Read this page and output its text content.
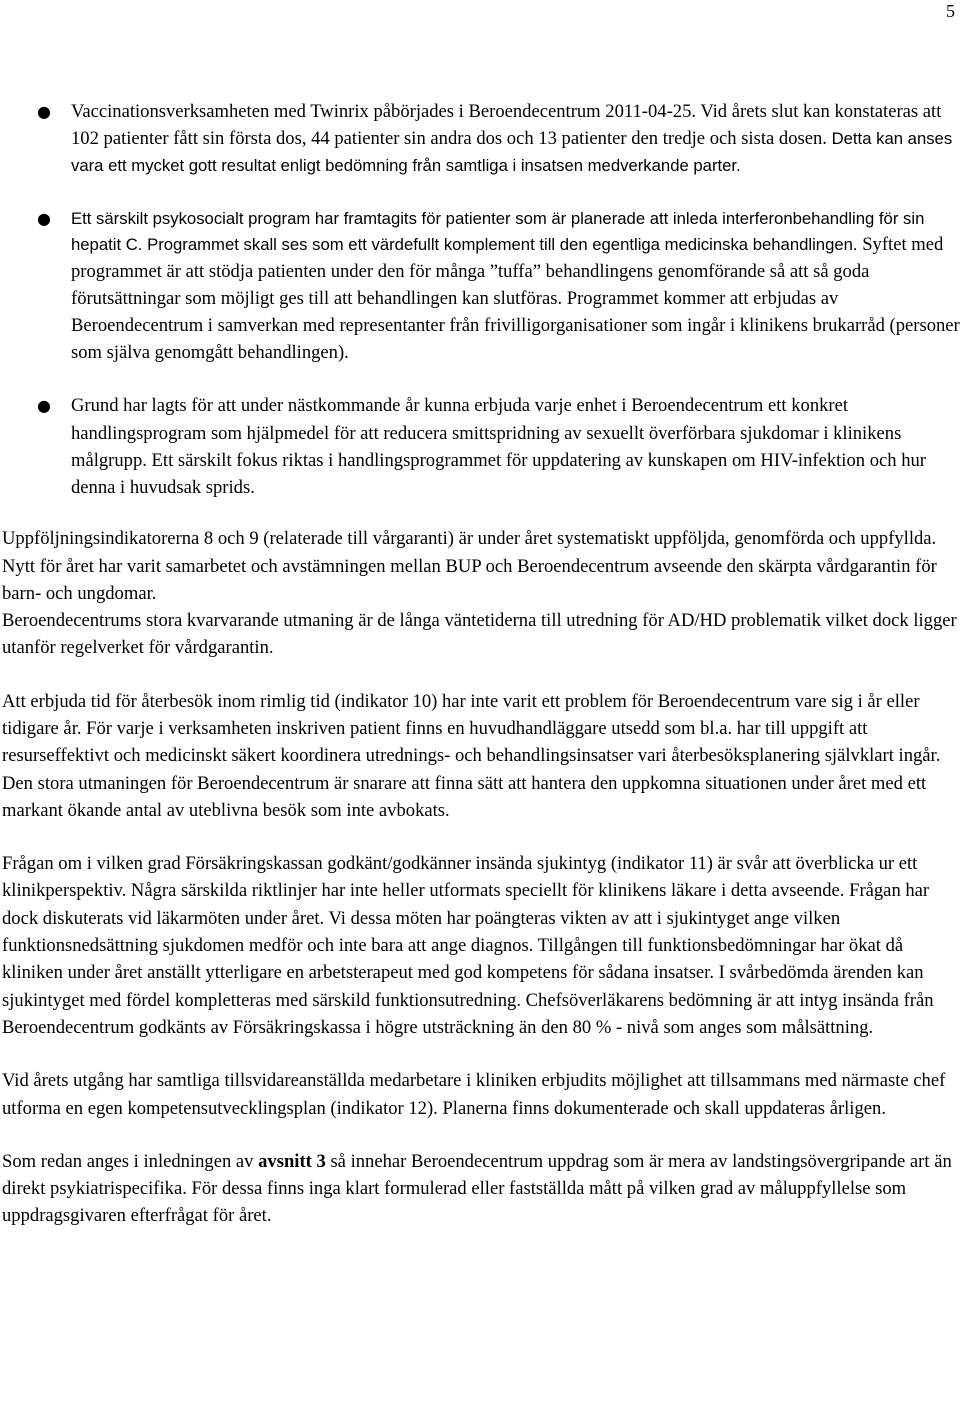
5
● Vaccinationsverksamheten med Twinrix påbörjades i Beroendecentrum 2011-04-25. Vid årets slut kan konstateras att 102 patienter fått sin första dos, 44 patienter sin andra dos och 13 patienter den tredje och sista dosen. Detta kan anses vara ett mycket gott resultat enligt bedömning från samtliga i insatsen medverkande parter.
● Ett särskilt psykosocialt program har framtagits för patienter som är planerade att inleda interferonbehandling för sin hepatit C. Programmet skall ses som ett värdefullt komplement till den egentliga medicinska behandlingen. Syftet med programmet är att stödja patienten under den för många ”tuffa” behandlingens genomförande så att så goda förutsättningar som möjligt ges till att behandlingen kan slutföras. Programmet kommer att erbjudas av Beroendecentrum i samverkan med representanter från frivilligorganisationer som ingår i klinikens brukarråd (personer som själva genomgått behandlingen).
● Grund har lagts för att under nästkommande år kunna erbjuda varje enhet i Beroendecentrum ett konkret handlingsprogram som hjälpmedel för att reducera smittspridning av sexuellt överförbara sjukdomar i klinikens målgrupp. Ett särskilt fokus riktas i handlingsprogrammet för uppdatering av kunskapen om HIV-infektion och hur denna i huvudsak sprids.

Uppföljningsindikatorerna 8 och 9 (relaterade till vårgaranti) är under året systematiskt uppföljda, genomförda och uppfyllda. Nytt för året har varit samarbetet och avstämningen mellan BUP och Beroendecentrum avseende den skärpta vårdgarantin för barn- och ungdomar.

Beroendecentrums stora kvarvarande utmaning är de långa väntetiderna till utredning för AD/HD problematik vilket dock ligger utanför regelverket för vårdgarantin.

Att erbjuda tid för återbesök inom rimlig tid (indikator 10) har inte varit ett problem för Beroendecentrum vare sig i år eller tidigare år. För varje i verksamheten inskriven patient finns en huvudhandläggare utsedd som bl.a. har till uppgift att resurseffektivt och medicinskt säkert koordinera utrednings- och behandlingsinsatser vari återbesöksplanering självklart ingår.

Den stora utmaningen för Beroendecentrum är snarare att finna sätt att hantera den uppkomna situationen under året med ett markant ökande antal av uteblivna besök som inte avbokats.

Frågan om i vilken grad Försäkringskassan godkänt/godkänner insända sjukintyg (indikator 11) är svår att överblicka ur ett klinikperspektiv. Några särskilda riktlinjer har inte heller utformats speciellt för klinikens läkare i detta avseende. Frågan har dock diskuterats vid läkarmöten under året. Vi dessa möten har poängteras vikten av att i sjukintyget ange vilken funktionsnedsättning sjukdomen medför och inte bara att ange diagnos. Tillgången till funktionsbedömningar har ökat då kliniken under året anställt ytterligare en arbetsterapeut med god kompetens för sådana insatser. I svårbedömda ärenden kan sjukintyget med fördel kompletteras med särskild funktionsutredning. Chefsöverläkarens bedömning är att intyg insända från Beroendecentrum godkänts av Försäkringskassa i högre utsträckning än den 80 % - nivå som anges som målsättning.

Vid årets utgång har samtliga tillsvidareanställda medarbetare i kliniken erbjudits möjlighet att tillsammans med närmaste chef utforma en egen kompetensutvecklingsplan (indikator 12). Planerna finns dokumenterade och skall uppdateras årligen.

Som redan anges i inledningen av avsnitt 3 så innehar Beroendecentrum uppdrag som är mera av landstingsövergripande art än direkt psykiatrispecifika. För dessa finns inga klart formulerad eller fastställda mått på vilken grad av måluppfyllelse som uppdragsgivaren efterfrågat för året.
